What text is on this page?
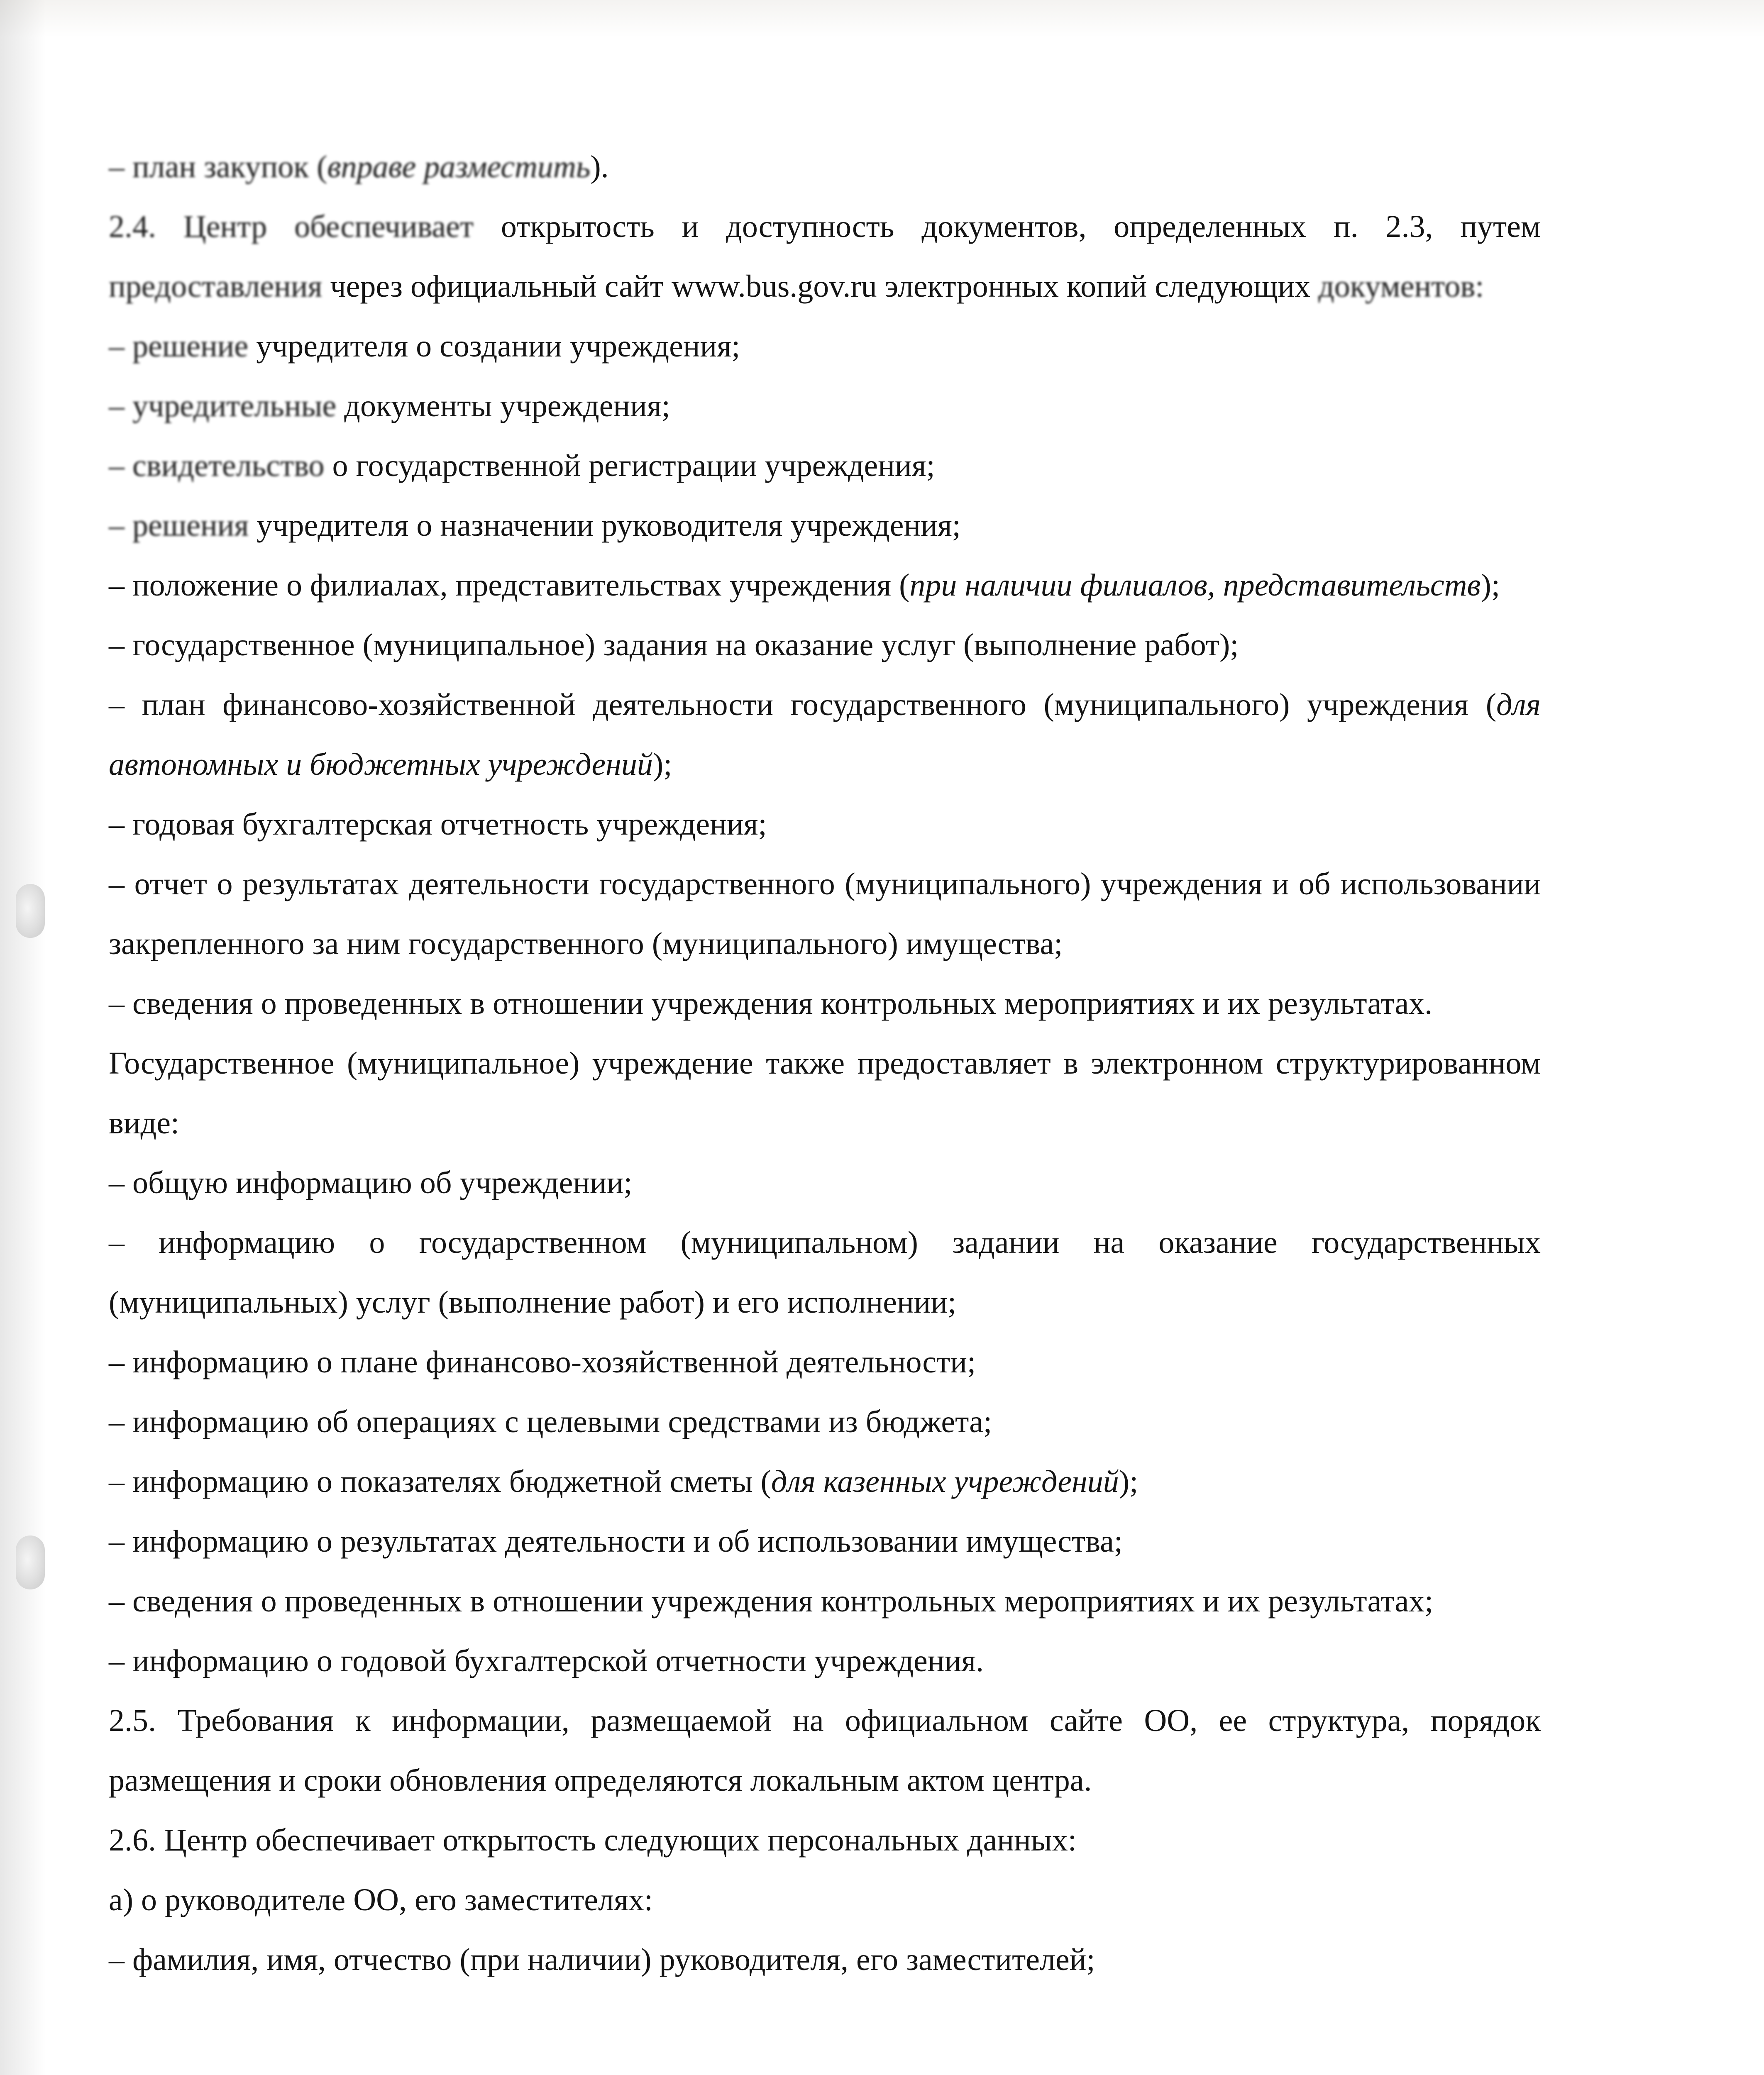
– план закупок (вправе разместить).

2.4. Центр обеспечивает открытость и доступность документов, определенных п. 2.3, путем предоставления через официальный сайт www.bus.gov.ru электронных копий следующих документов:

– решение учредителя о создании учреждения;

– учредительные документы учреждения;

– свидетельство о государственной регистрации учреждения;

– решения учредителя о назначении руководителя учреждения;

– положение о филиалах, представительствах учреждения (при наличии филиалов, представительств);

– государственное (муниципальное) задания на оказание услуг (выполнение работ);

– план финансово-хозяйственной деятельности государственного (муниципального) учреждения (для автономных и бюджетных учреждений);

– годовая бухгалтерская отчетность учреждения;

– отчет о результатах деятельности государственного (муниципального) учреждения и об использовании закрепленного за ним государственного (муниципального) имущества;

– сведения о проведенных в отношении учреждения контрольных мероприятиях и их результатах.

Государственное (муниципальное) учреждение также предоставляет в электронном структурированном виде:

– общую информацию об учреждении;

– информацию о государственном (муниципальном) задании на оказание государственных (муниципальных) услуг (выполнение работ) и его исполнении;

– информацию о плане финансово-хозяйственной деятельности;

– информацию об операциях с целевыми средствами из бюджета;

– информацию о показателях бюджетной сметы (для казенных учреждений);

– информацию о результатах деятельности и об использовании имущества;

– сведения о проведенных в отношении учреждения контрольных мероприятиях и их результатах;

– информацию о годовой бухгалтерской отчетности учреждения.

2.5. Требования к информации, размещаемой на официальном сайте ОО, ее структура, порядок размещения и сроки обновления определяются локальным актом центра.

2.6. Центр обеспечивает открытость следующих персональных данных:

а) о руководителе ОО, его заместителях:

– фамилия, имя, отчество (при наличии) руководителя, его заместителей;
